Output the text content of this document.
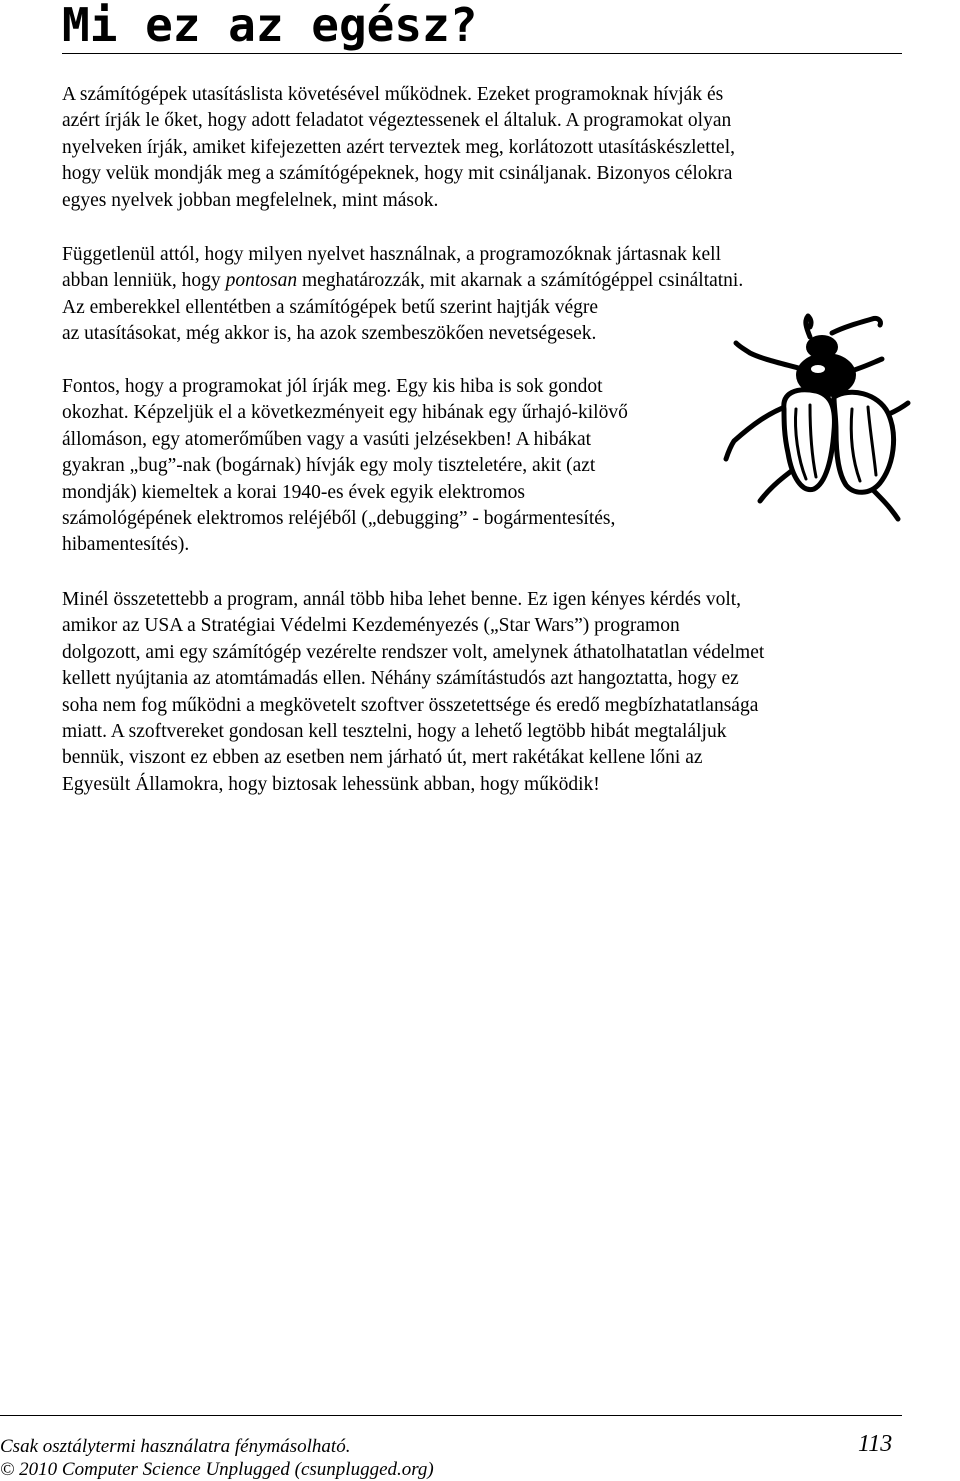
Mi ez az egész?

A számítógépek utasításlista követésével működnek. Ezeket programoknak hívják és
azért írják le őket, hogy adott feladatot végeztessenek el általuk. A programokat olyan
nyelveken írják, amiket kifejezetten azért terveztek meg, korlátozott utasításkészlettel,
hogy velük mondják meg a számítógépeknek, hogy mit csináljanak. Bizonyos célokra
egyes nyelvek jobban megfelelnek, mint mások.

Függetlenül attól, hogy milyen nyelvet használnak, a programozóknak jártasnak kell
abban lenniük, hogy pontosan meghatározzák, mit akarnak a számítógéppel csináltatni.
Az emberekkel ellentétben a számítógépek betű szerint hajtják végre
az utasításokat, még akkor is, ha azok szembeszökően nevetségesek.

Fontos, hogy a programokat jól írják meg. Egy kis hiba is sok gondot
okozhat. Képzeljük el a következményeit egy hibának egy űrhajó-kilövő
állomáson, egy atomerőműben vagy a vasúti jelzésekben! A hibákat
gyakran „bug”-nak (bogárnak) hívják egy moly tiszteletére, akit (azt
mondják) kiemeltek a korai 1940-es évek egyik elektromos
számológépének elektromos reléjéből („debugging” - bogármentesítés,
hibamentesítés).

Minél összetettebb a program, annál több hiba lehet benne. Ez igen kényes kérdés volt,
amikor az USA a Stratégiai Védelmi Kezdeményezés („Star Wars”) programon
dolgozott, ami egy számítógép vezérelte rendszer volt, amelynek áthatolhatatlan védelmet
kellett nyújtania az atomtámadás ellen. Néhány számítástudós azt hangoztatta, hogy ez
soha nem fog működni a megkövetelt szoftver összetettsége és eredő megbízhatatlansága
miatt. A szoftvereket gondosan kell tesztelni, hogy a lehető legtöbb hibát megtaláljuk
bennük, viszont ez ebben az esetben nem járható út, mert rakétákat kellene lőni az
Egyesült Államokra, hogy biztosak lehessünk abban, hogy működik!

Csak osztálytermi használatra fénymásolható.

© 2010 Computer Science Unplugged (csunplugged.org)

113
